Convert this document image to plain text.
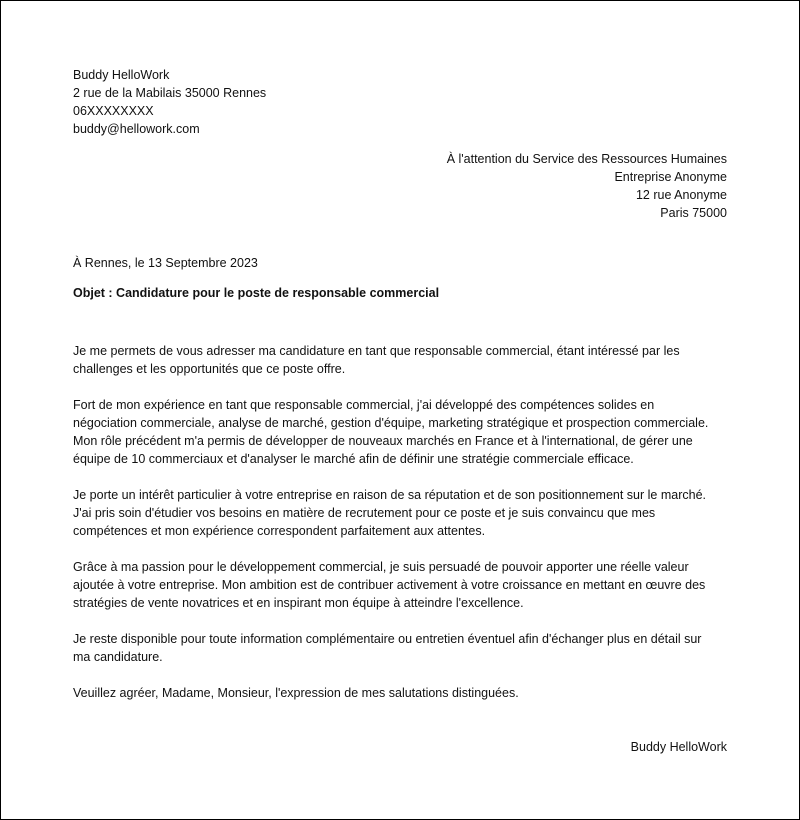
Buddy HelloWork
2 rue de la Mabilais 35000 Rennes
06XXXXXXXX
buddy@hellowork.com
À l'attention du Service des Ressources Humaines
Entreprise Anonyme
12 rue Anonyme
Paris 75000
À Rennes, le 13 Septembre 2023
Objet : Candidature pour le poste de responsable commercial

Je me permets de vous adresser ma candidature en tant que responsable commercial, étant intéressé par les
challenges et les opportunités que ce poste offre.

Fort de mon expérience en tant que responsable commercial, j'ai développé des compétences solides en
négociation commerciale, analyse de marché, gestion d'équipe, marketing stratégique et prospection commerciale.
Mon rôle précédent m'a permis de développer de nouveaux marchés en France et à l'international, de gérer une
équipe de 10 commerciaux et d'analyser le marché afin de définir une stratégie commerciale efficace.

Je porte un intérêt particulier à votre entreprise en raison de sa réputation et de son positionnement sur le marché.
J'ai pris soin d'étudier vos besoins en matière de recrutement pour ce poste et je suis convaincu que mes
compétences et mon expérience correspondent parfaitement aux attentes.

Grâce à ma passion pour le développement commercial, je suis persuadé de pouvoir apporter une réelle valeur
ajoutée à votre entreprise. Mon ambition est de contribuer activement à votre croissance en mettant en œuvre des
stratégies de vente novatrices et en inspirant mon équipe à atteindre l'excellence.

Je reste disponible pour toute information complémentaire ou entretien éventuel afin d'échanger plus en détail sur
ma candidature.

Veuillez agréer, Madame, Monsieur, l'expression de mes salutations distinguées.

Buddy HelloWork
